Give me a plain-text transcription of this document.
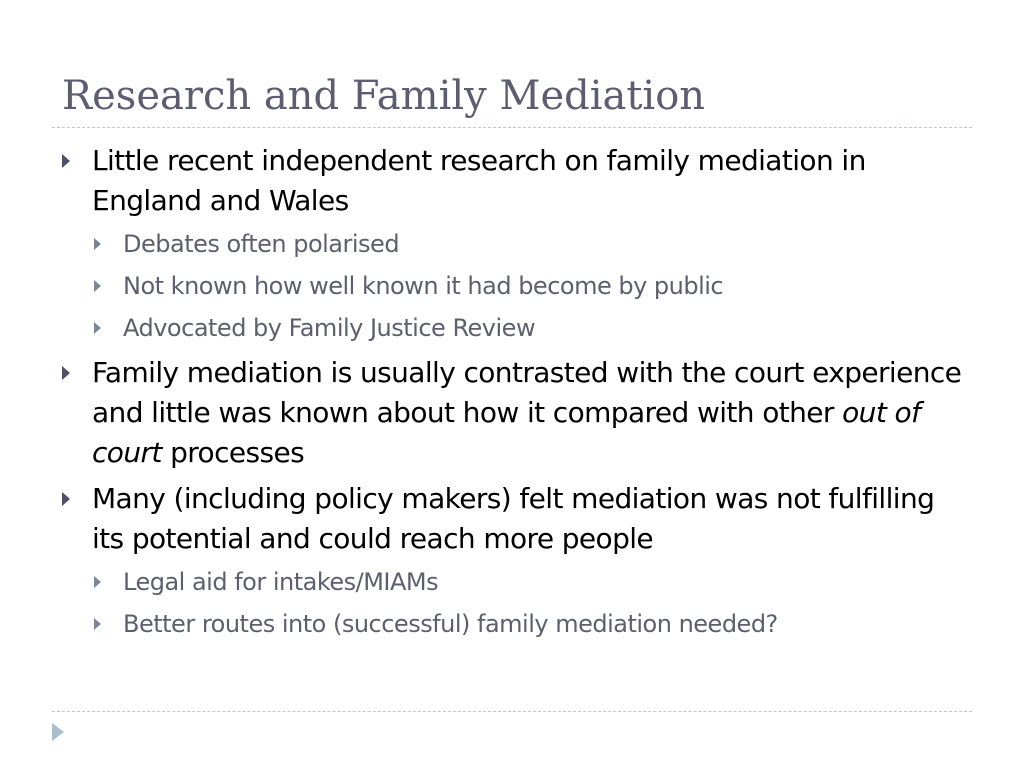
Research and Family Mediation
Little recent independent research on family mediation in England and Wales
Debates often polarised
Not known how well known it had become by public
Advocated by Family Justice Review
Family mediation is usually contrasted with the court experience and little was known about how it compared with other out of court processes
Many (including policy makers) felt mediation was not fulfilling its potential and could reach more people
Legal aid for intakes/MIAMs
Better routes into (successful) family mediation needed?
